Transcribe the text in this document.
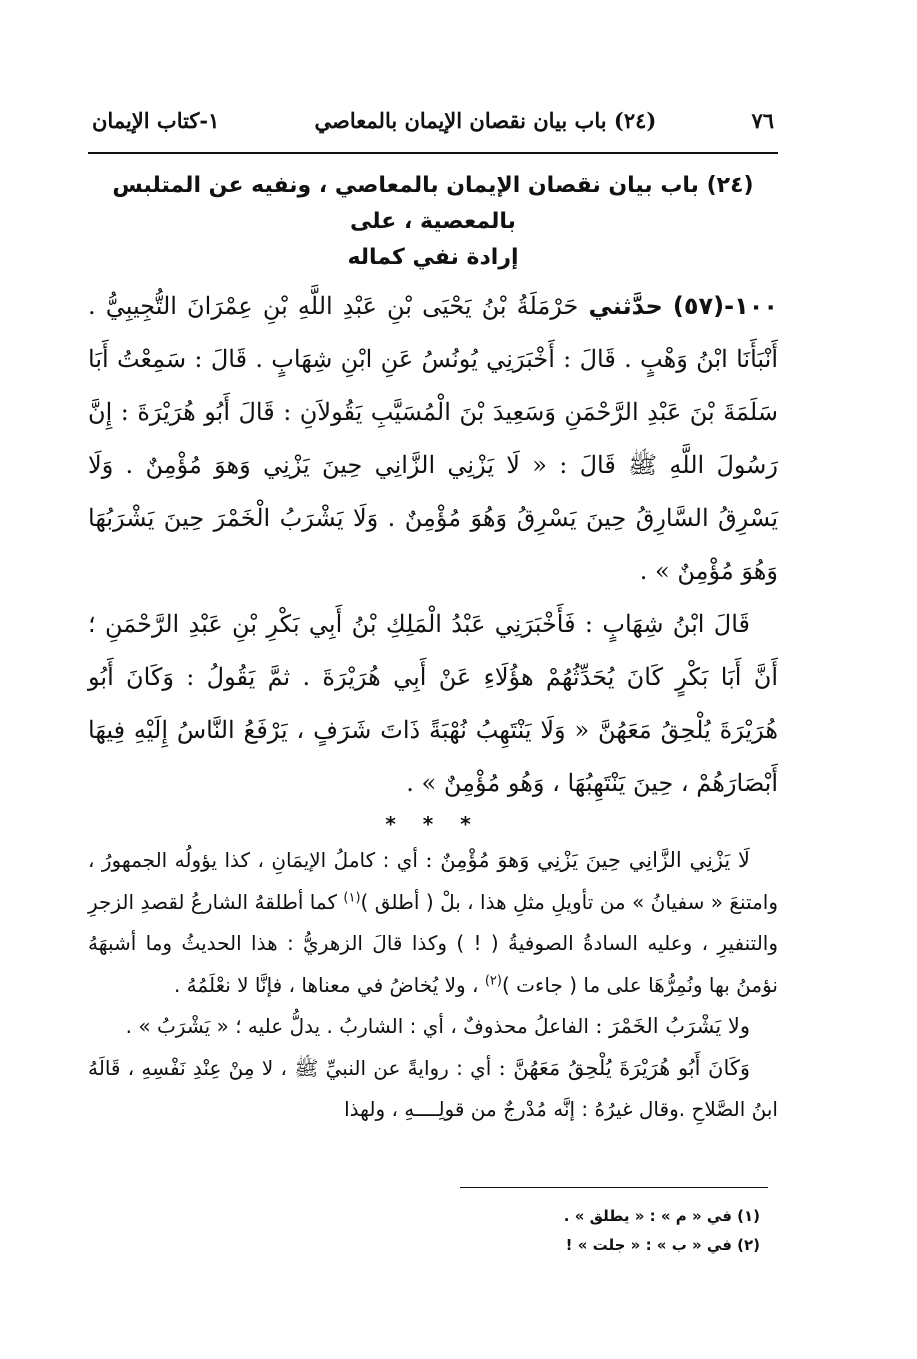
٧٦
(٢٤) باب بيان نقصان الإيمان بالمعاصي
١-كتاب الإيمان
(٢٤) باب بيان نقصان الإيمان بالمعاصي ، ونفيه عن المتلبس بالمعصية ، على
إرادة نفي كماله
١٠٠-(٥٧) حدَّثني حَرْمَلَةُ بْنُ يَحْيَى بْنِ عَبْدِ اللَّهِ بْنِ عِمْرَانَ التُّجِيبِيُّ . أَنْبَأَنَا ابْنُ وَهْبٍ . قَالَ : أَخْبَرَنِي يُونُسُ عَنِ ابْنِ شِهَابٍ . قَالَ : سَمِعْتُ أَبَا سَلَمَةَ بْنَ عَبْدِ الرَّحْمَنِ وَسَعِيدَ بْنَ الْمُسَيَّبِ يَقُولاَنِ : قَالَ أَبُو هُرَيْرَةَ : إِنَّ رَسُولَ اللَّهِ ﷺ قَالَ : « لَا يَزْنِي الزَّانِي حِينَ يَزْنِي وَهوَ مُؤْمِنٌ . وَلَا يَسْرِقُ السَّارِقُ حِينَ يَسْرِقُ وَهُوَ مُؤْمِنٌ . وَلَا يَشْرَبُ الْخَمْرَ حِينَ يَشْرَبُهَا وَهُوَ مُؤْمِنٌ » .
قَالَ ابْنُ شِهَابٍ : فَأَخْبَرَنِي عَبْدُ الْمَلِكِ بْنُ أَبِي بَكْرِ بْنِ عَبْدِ الرَّحْمَنِ ؛ أَنَّ أَبَا بَكْرٍ كَانَ يُحَدِّثُهُمْ هؤُلَاءِ عَنْ أَبِي هُرَيْرَةَ . ثمَّ يَقُولُ : وَكَانَ أَبُو هُرَيْرَةَ يُلْحِقُ مَعَهُنَّ « وَلَا يَنْتَهِبُ نُهْبَةً ذَاتَ شَرَفٍ ، يَرْفَعُ النَّاسُ إِلَيْهِ فِيهَا أَبْصَارَهُمْ ، حِينَ يَنْتَهِبُهَا ، وَهُو مُؤْمِنٌ » .
* * *

لَا يَزْنِي الزَّانِي حِينَ يَزْنِي وَهوَ مُؤْمِنٌ : أي : كاملُ الإيمَانِ ، كذا يؤولُه الجمهورُ ، وامتنعَ « سفيانُ » من تأويلِ مثلِ هذا ، بلْ ( أطلق )$^{(١)}$ كما أطلقهُ الشارعُ لقصدِ الزجرِ والتنفيرِ ، وعليه السادةُ الصوفيةُ ( ! ) وكذا قالَ الزهريُّ : هذا الحديثُ وما أشبهَهُ نؤمنُ بها ونُمِرُّهَا على ما ( جاءت )$^{(٢)}$ ، ولا يُخاضُ في معناها ، فإنَّا لا نعْلَمُهُ .

ولا يَشْرَبُ الخَمْرَ : الفاعلُ محذوفٌ ، أي : الشاربُ . يدلُّ عليه ؛ « يَشْرَبُ » .

وَكَانَ أَبُو هُرَيْرَةَ يُلْحِقُ مَعَهُنَّ : أي : روايةً عن النبيِّ ﷺ ، لا مِنْ عِنْدِ نَفْسِهِ ، قَالَهُ ابنُ الصَّلاحِ .وقال غيرُهُ : إنَّه مُدْرجٌ من قولِــــهِ ، ولهذا

(١) في « م » : « يطلق » .
(٢) في « ب » : « جلت » !
